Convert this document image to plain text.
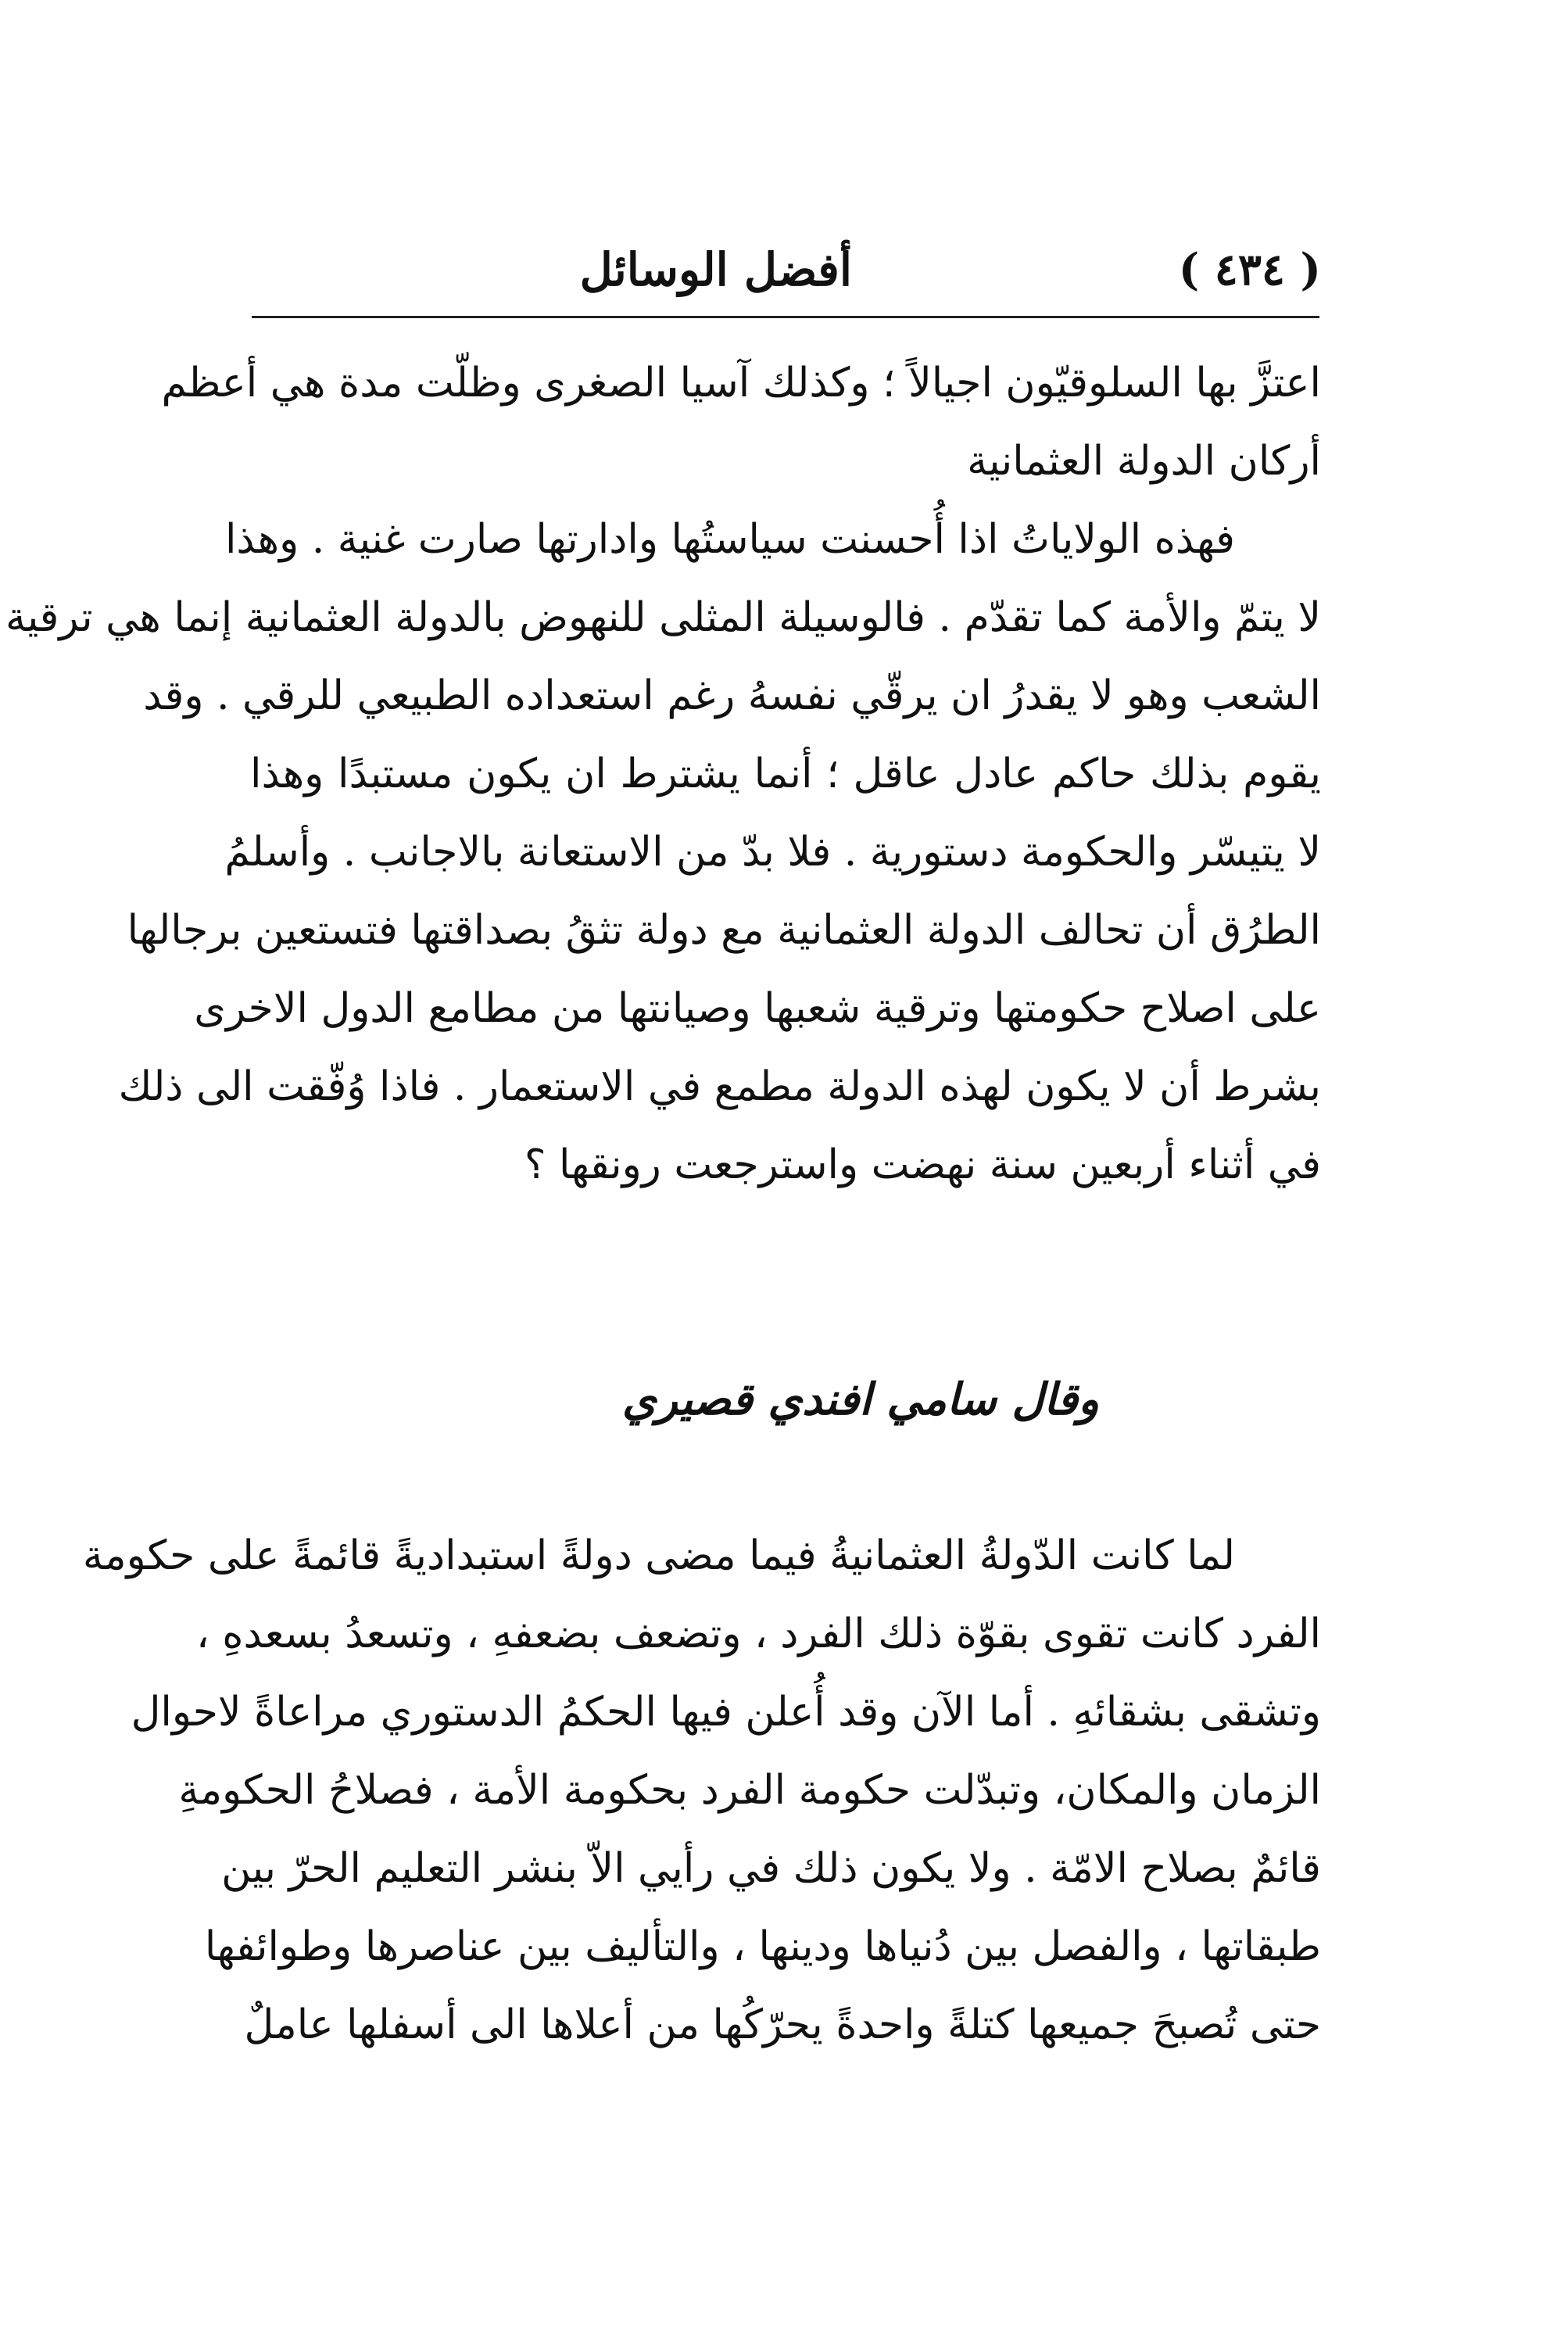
( ٤٣٤ )
أفضل الوسائل
اعتزَّ بها السلوقيّون اجيالاً ؛ وكذلك آسيا الصغرى وظلّت مدة هي أعظم
أركان الدولة العثمانية
فهذه الولاياتُ اذا أُحسنت سياستُها وادارتها صارت غنية . وهذا
لا يتمّ والأمة كما تقدّم . فالوسيلة المثلى للنهوض بالدولة العثمانية إنما هي ترقية
الشعب وهو لا يقدرُ ان يرقّي نفسهُ رغم استعداده الطبيعي للرقي . وقد
يقوم بذلك حاكم عادل عاقل ؛ أنما يشترط ان يكون مستبدًا وهذا
لا يتيسّر والحكومة دستورية . فلا بدّ من الاستعانة بالاجانب . وأسلمُ
الطرُق أن تحالف الدولة العثمانية مع دولة تثقُ بصداقتها فتستعين برجالها
على اصلاح حكومتها وترقية شعبها وصيانتها من مطامع الدول الاخرى
بشرط أن لا يكون لهذه الدولة مطمع في الاستعمار . فاذا وُفّقت الى ذلك
في أثناء أربعين سنة نهضت واسترجعت رونقها ؟
وقال سامي افندي قصيري
لما كانت الدّولةُ العثمانيةُ فيما مضى دولةً استبداديةً قائمةً على حكومة
الفرد كانت تقوى بقوّة ذلك الفرد ، وتضعف بضعفهِ ، وتسعدُ بسعدهِ ،
وتشقى بشقائهِ . أما الآن وقد أُعلن فيها الحكمُ الدستوري مراعاةً لاحوال
الزمان والمكان، وتبدّلت حكومة الفرد بحكومة الأمة ، فصلاحُ الحكومةِ
قائمٌ بصلاح الامّة . ولا يكون ذلك في رأيي الاّ بنشر التعليم الحرّ بين
طبقاتها ، والفصل بين دُنياها ودينها ، والتأليف بين عناصرها وطوائفها
حتى تُصبحَ جميعها كتلةً واحدةً يحرّكُها من أعلاها الى أسفلها عاملٌ
